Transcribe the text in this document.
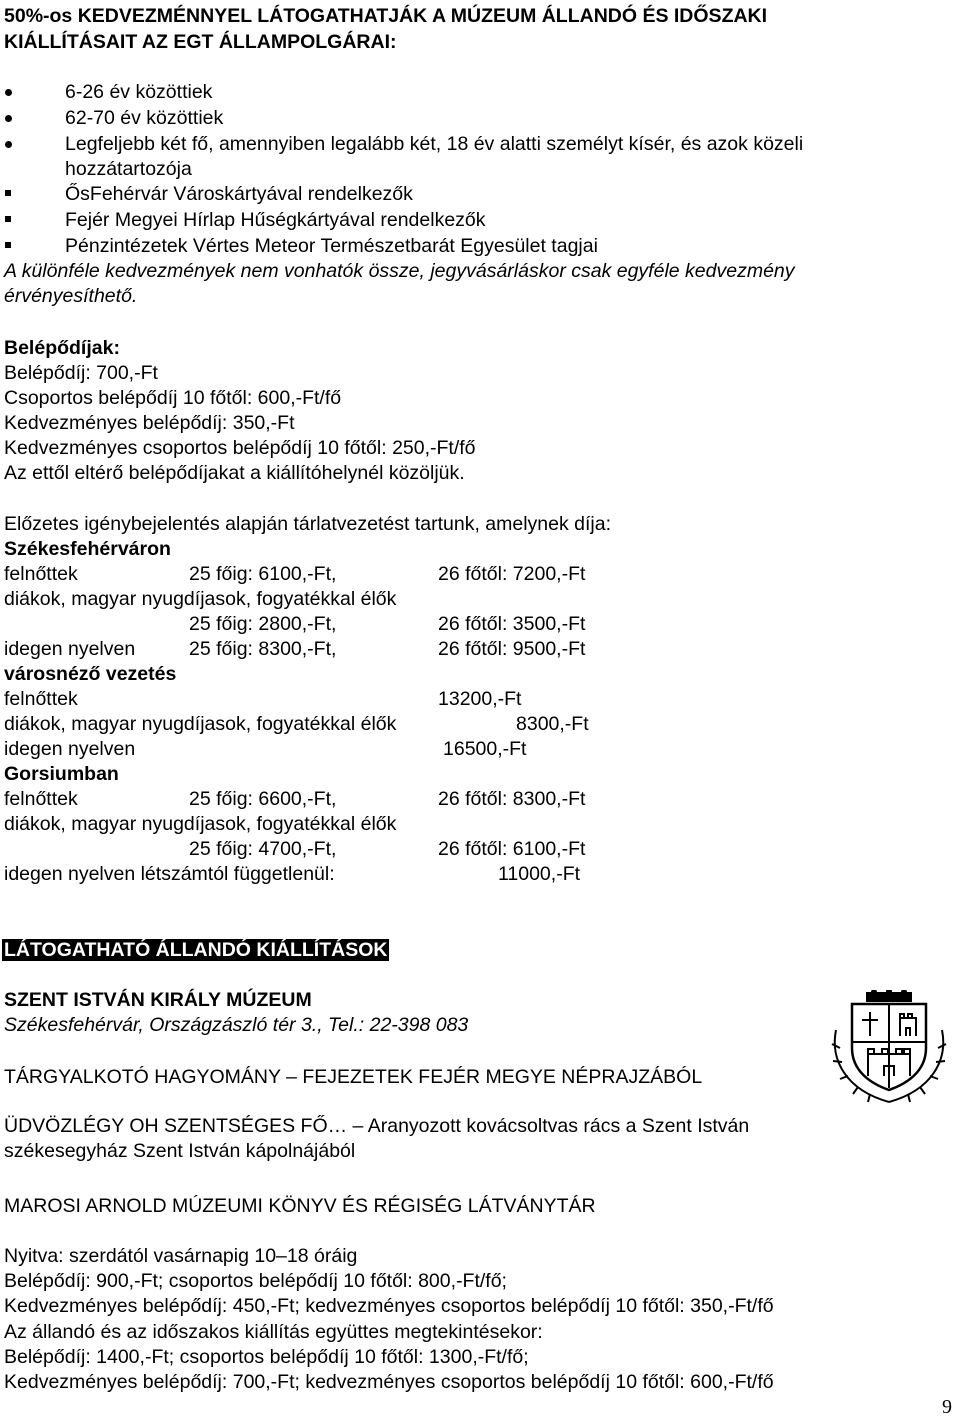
50%-os KEDVEZMÉNNYEL LÁTOGATHATJÁK A MÚZEUM ÁLLANDÓ ÉS IDŐSZAKI
KIÁLLÍTÁSAIT AZ EGT ÁLLAMPOLGÁRAI:
6-26 év közöttiek
62-70 év közöttiek
Legfeljebb két fő, amennyiben legalább két, 18 év alatti személyt kísér, és azok közeli
hozzátartozója
ŐsFehérvár Városkártyával rendelkezők
Fejér Megyei Hírlap Hűségkártyával rendelkezők
Pénzintézetek Vértes Meteor Természetbarát Egyesület tagjai
A különféle kedvezmények nem vonhatók össze, jegyvásárláskor csak egyféle kedvezmény
érvényesíthető.
Belépődíjak:
Belépődíj: 700,-Ft
Csoportos belépődíj 10 főtől: 600,-Ft/fő
Kedvezményes belépődíj: 350,-Ft
Kedvezményes csoportos belépődíj 10 főtől: 250,-Ft/fő
Az ettől eltérő belépődíjakat a kiállítóhelynél közöljük.
Előzetes igénybejelentés alapján tárlatvezetést tartunk, amelynek díja:
Székesfehérváron
felnőttek	25 főig: 6100,-Ft,	26 főtől: 7200,-Ft
diákok, magyar nyugdíjasok, fogyatékkal élők
25 főig: 2800,-Ft,	26 főtől: 3500,-Ft
idegen nyelven	25 főig: 8300,-Ft,	26 főtől: 9500,-Ft
városnéző vezetés
felnőttek	13200,-Ft
diákok, magyar nyugdíjasok, fogyatékkal élők	8300,-Ft
idegen nyelven	16500,-Ft
Gorsiumban
felnőttek	25 főig: 6600,-Ft,	26 főtől: 8300,-Ft
diákok, magyar nyugdíjasok, fogyatékkal élők
25 főig: 4700,-Ft,	26 főtől: 6100,-Ft
idegen nyelven létszámtól függetlenül:	11000,-Ft
LÁTOGATHATÓ ÁLLANDÓ KIÁLLÍTÁSOK
SZENT ISTVÁN KIRÁLY MÚZEUM
Székesfehérvár, Országzászló tér 3., Tel.: 22-398 083
TÁRGYALKOTÓ HAGYOMÁNY – FEJEZETEK FEJÉR MEGYE NÉPRAJZÁBÓL
ÜDVÖZLÉGY OH SZENTSÉGES FŐ… – Aranyozott kovácsoltvas rács a Szent István
székesegyház Szent István kápolnájából
MAROSI ARNOLD MÚZEUMI KÖNYV ÉS RÉGISÉG LÁTVÁNYTÁR
Nyitva: szerdától vasárnapig 10–18 óráig
Belépődíj: 900,-Ft; csoportos belépődíj 10 főtől: 800,-Ft/fő;
Kedvezményes belépődíj: 450,-Ft; kedvezményes csoportos belépődíj 10 főtől: 350,-Ft/fő
Az állandó és az időszakos kiállítás együttes megtekintésekor:
Belépődíj: 1400,-Ft; csoportos belépődíj 10 főtől: 1300,-Ft/fő;
Kedvezményes belépődíj: 700,-Ft; kedvezményes csoportos belépődíj 10 főtől: 600,-Ft/fő
9
